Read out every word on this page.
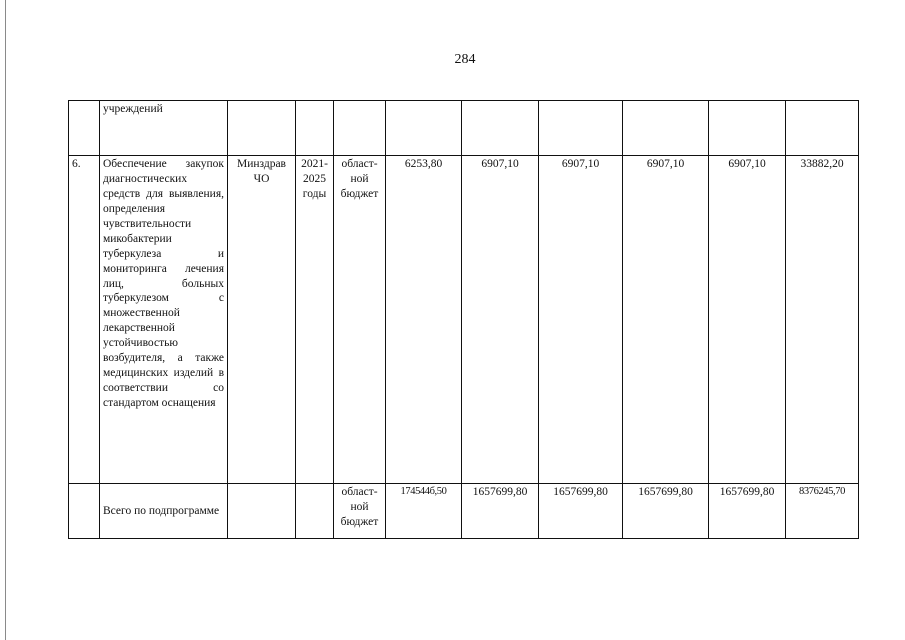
284
	учреждений									
6.	Обеспечение закупок диагностических средств для выявления, определения чувствительности микобактерии туберкулеза и мониторинга лечения лиц, больных туберкулезом с множественной лекарственной устойчивостью возбудителя, а также медицинских изделий в соответствии со стандартом оснащения	Минздрав ЧО	2021-2025 годы	област-ной бюджет	6253,80	6907,10	6907,10	6907,10	6907,10	33882,20
	Всего по подпрограмме			област-ной бюджет	174544б,50	1657699,80	1657699,80	1657699,80	1657699,80	8376245,70
